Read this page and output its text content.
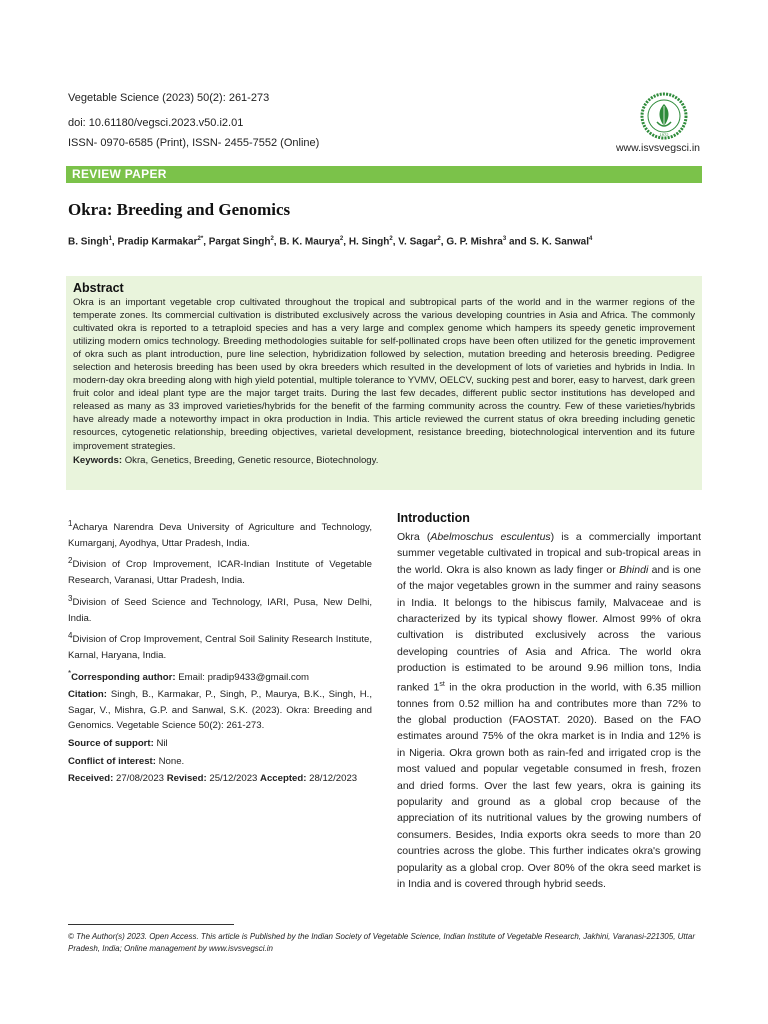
Vegetable Science (2023) 50(2): 261-273
doi: 10.61180/vegsci.2023.v50.i2.01
ISSN- 0970-6585 (Print), ISSN- 2455-7552 (Online)
1972
www.isvsvegsci.in
REVIEW PAPER
Okra: Breeding and Genomics
B. Singh$^1$, Pradip Karmakar$^{2*}$, Pargat Singh$^2$, B. K. Maurya$^2$, H. Singh$^2$, V. Sagar$^2$, G. P. Mishra$^3$ and S. K. Sanwal$^4$
Abstract

Okra is an important vegetable crop cultivated throughout the tropical and subtropical parts of the world and in the warmer regions of the temperate zones. Its commercial cultivation is distributed exclusively across the various developing countries in Asia and Africa. The commonly cultivated okra is reported to a tetraploid species and has a very large and complex genome which hampers its speedy genetic improvement utilizing modern omics technology. Breeding methodologies suitable for self-pollinated crops have been often utilized for the genetic improvement of okra such as plant introduction, pure line selection, hybridization followed by selection, mutation breeding and heterosis breeding. Pedigree selection and heterosis breeding has been used by okra breeders which resulted in the development of lots of varieties and hybrids in India. In modern-day okra breeding along with high yield potential, multiple tolerance to YVMV, OELCV, sucking pest and borer, easy to harvest, dark green fruit color and ideal plant type are the major target traits. During the last few decades, different public sector institutions has developed and released as many as 33 improved varieties/hybrids for the benefit of the farming community across the country. Few of these varieties/hybrids have already made a noteworthy impact in okra production in India. This article reviewed the current status of okra breeding including genetic resources, cytogenetic relationship, breeding objectives, varietal development, resistance breeding, biotechnological intervention and its future improvement strategies.

Keywords: Okra, Genetics, Breeding, Genetic resource, Biotechnology.

$^1$Acharya Narendra Deva University of Agriculture and Technology, Kumarganj, Ayodhya, Uttar Pradesh, India.

$^2$Division of Crop Improvement, ICAR-Indian Institute of Vegetable Research, Varanasi, Uttar Pradesh, India.

$^3$Division of Seed Science and Technology, IARI, Pusa, New Delhi, India.

$^4$Division of Crop Improvement, Central Soil Salinity Research Institute, Karnal, Haryana, India.

*Corresponding author: Email: pradip9433@gmail.com

Citation: Singh, B., Karmakar, P., Singh, P., Maurya, B.K., Singh, H., Sagar, V., Mishra, G.P. and Sanwal, S.K. (2023). Okra: Breeding and Genomics. Vegetable Science 50(2): 261-273.

Source of support: Nil

Conflict of interest: None.

Received: 27/08/2023 Revised: 25/12/2023 Accepted: 28/12/2023

Introduction

Okra (Abelmoschus esculentus) is a commercially important summer vegetable cultivated in tropical and sub-tropical areas in the world. Okra is also known as lady finger or Bhindi and is one of the major vegetables grown in the summer and rainy seasons in India. It belongs to the hibiscus family, Malvaceae and is characterized by its typical showy flower. Almost 99% of okra cultivation is distributed exclusively across the various developing countries of Asia and Africa. The world okra production is estimated to be around 9.96 million tons, India ranked 1st in the okra production in the world, with 6.35 million tonnes from 0.52 million ha and contributes more than 72% to the global production (FAOSTAT. 2020). Based on the FAO estimates around 75% of the okra market is in India and 12% is in Nigeria. Okra grown both as rain-fed and irrigated crop is the most valued and popular vegetable consumed in fresh, frozen and dried forms. Over the last few years, okra is gaining its popularity and ground as a global crop because of the appreciation of its nutritional values by the growing numbers of consumers. Besides, India exports okra seeds to more than 20 countries across the globe. This further indicates okra's growing popularity as a global crop. Over 80% of the okra seed market is in India and is covered through hybrid seeds.

© The Author(s) 2023. Open Access. This article is Published by the Indian Society of Vegetable Science, Indian Institute of Vegetable Research, Jakhini, Varanasi-221305, Uttar Pradesh, India; Online management by www.isvsvegsci.in
